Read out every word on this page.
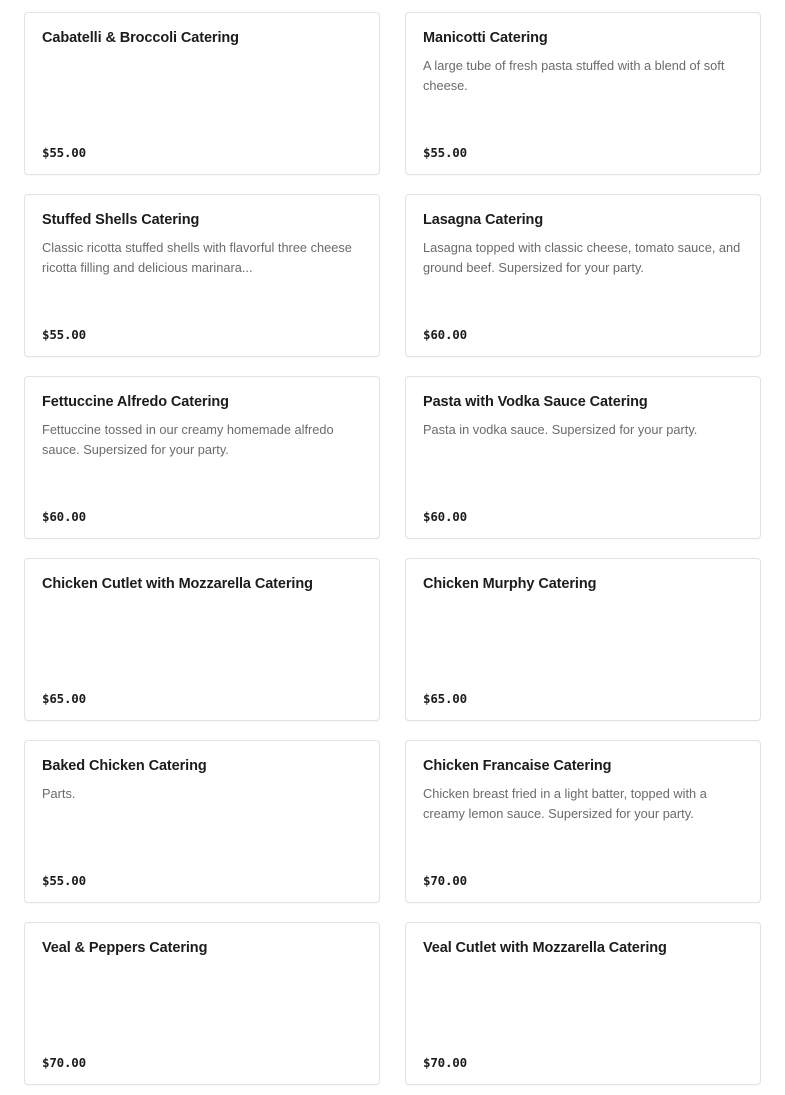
Cabatelli & Broccoli Catering
$55.00
Manicotti Catering
A large tube of fresh pasta stuffed with a blend of soft cheese.
$55.00
Stuffed Shells Catering
Classic ricotta stuffed shells with flavorful three cheese ricotta filling and delicious marinara...
$55.00
Lasagna Catering
Lasagna topped with classic cheese, tomato sauce, and ground beef. Supersized for your party.
$60.00
Fettuccine Alfredo Catering
Fettuccine tossed in our creamy homemade alfredo sauce. Supersized for your party.
$60.00
Pasta with Vodka Sauce Catering
Pasta in vodka sauce. Supersized for your party.
$60.00
Chicken Cutlet with Mozzarella Catering
$65.00
Chicken Murphy Catering
$65.00
Baked Chicken Catering
Parts.
$55.00
Chicken Francaise Catering
Chicken breast fried in a light batter, topped with a creamy lemon sauce. Supersized for your party.
$70.00
Veal & Peppers Catering
$70.00
Veal Cutlet with Mozzarella Catering
$70.00
